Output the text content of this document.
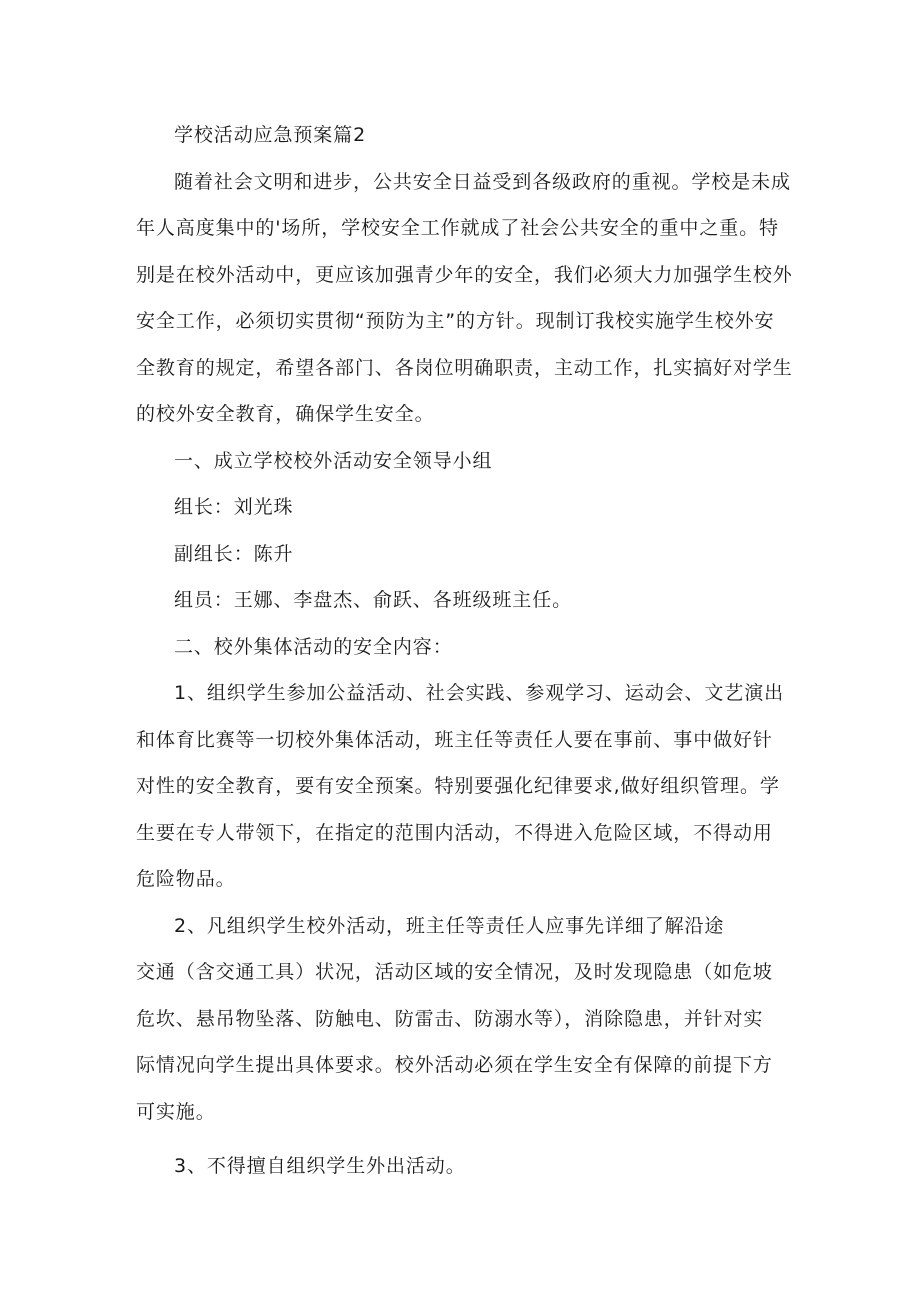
学校活动应急预案篇2
随着社会文明和进步，公共安全日益受到各级政府的重视。学校是未成
年人高度集中的'场所，学校安全工作就成了社会公共安全的重中之重。特
别是在校外活动中，更应该加强青少年的安全，我们必须大力加强学生校外
安全工作，必须切实贯彻“预防为主”的方针。现制订我校实施学生校外安
全教育的规定，希望各部门、各岗位明确职责，主动工作，扎实搞好对学生
的校外安全教育，确保学生安全。
一、成立学校校外活动安全领导小组
组长：刘光珠
副组长：陈升
组员：王娜、李盘杰、俞跃、各班级班主任。
二、校外集体活动的安全内容：
1、组织学生参加公益活动、社会实践、参观学习、运动会、文艺演出
和体育比赛等一切校外集体活动，班主任等责任人要在事前、事中做好针
对性的安全教育，要有安全预案。特别要强化纪律要求,做好组织管理。学
生要在专人带领下，在指定的范围内活动，不得进入危险区域，不得动用
危险物品。
2、凡组织学生校外活动，班主任等责任人应事先详细了解沿途
交通（含交通工具）状况，活动区域的安全情况，及时发现隐患（如危坡
危坎、悬吊物坠落、防触电、防雷击、防溺水等），消除隐患，并针对实
际情况向学生提出具体要求。校外活动必须在学生安全有保障的前提下方
可实施。
3、不得擅自组织学生外出活动。
